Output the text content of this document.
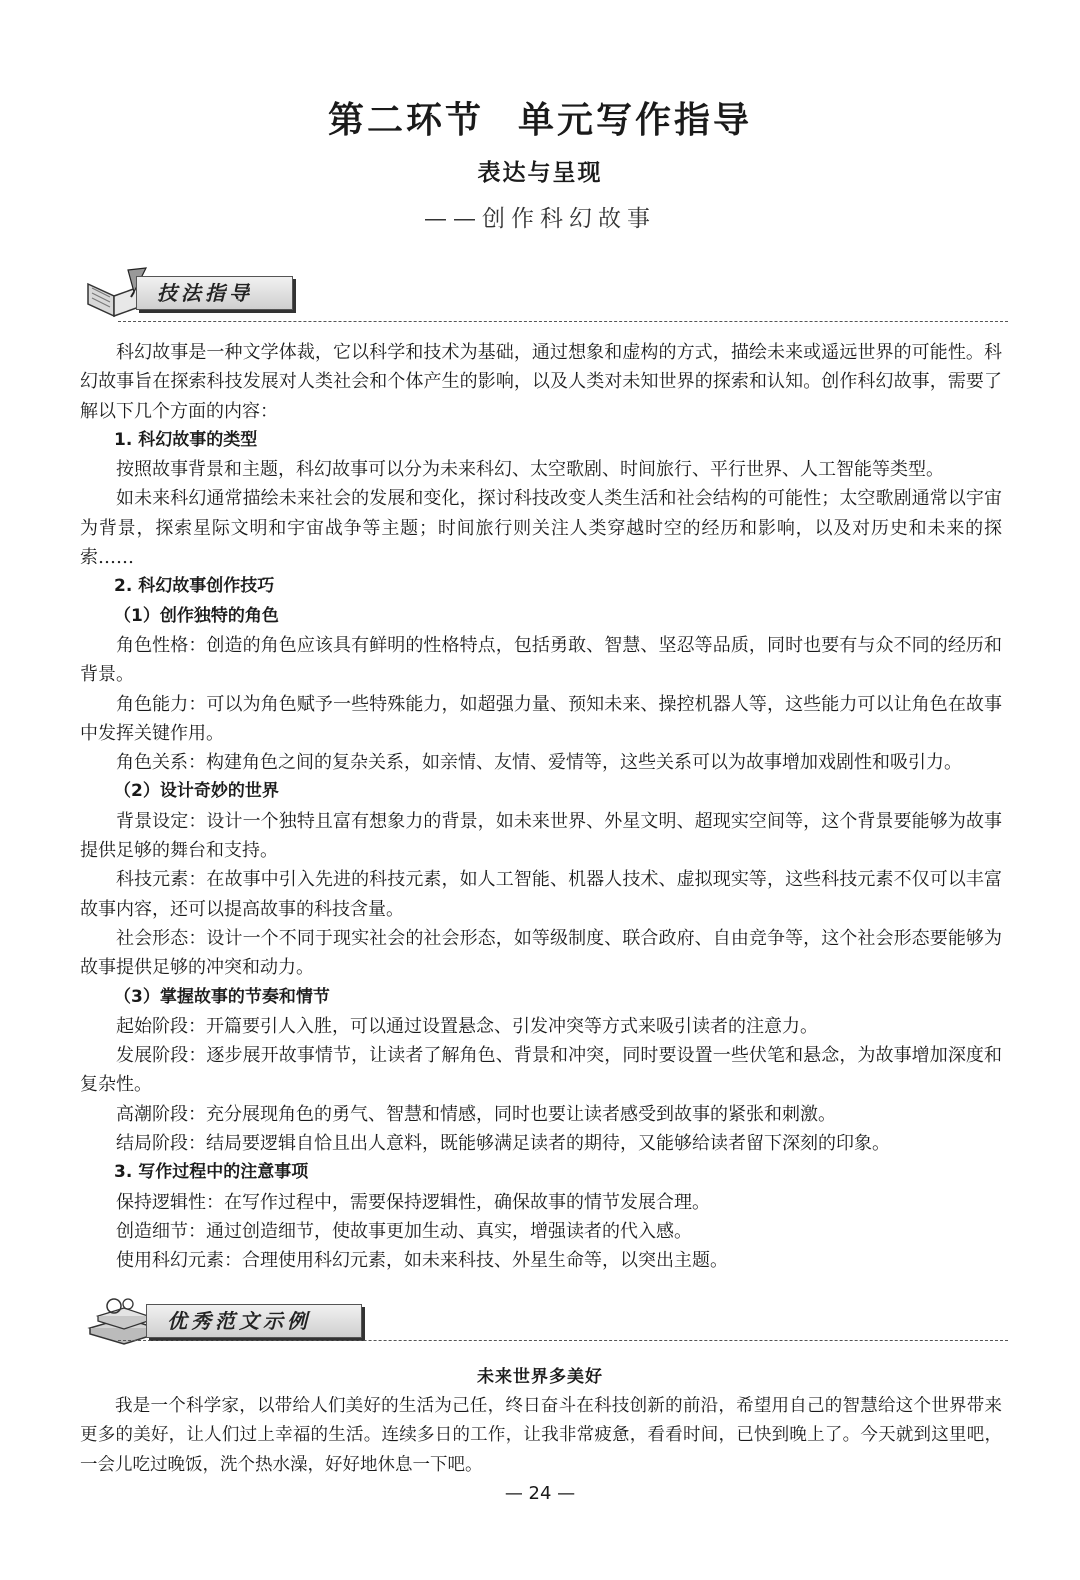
第二环节 单元写作指导
表达与呈现
——创作科幻故事
技法指导

科幻故事是一种文学体裁，它以科学和技术为基础，通过想象和虚构的方式，描绘未来或遥远世界的可能性。科幻故事旨在探索科技发展对人类社会和个体产生的影响，以及人类对未知世界的探索和认知。创作科幻故事，需要了解以下几个方面的内容：

1. 科幻故事的类型

按照故事背景和主题，科幻故事可以分为未来科幻、太空歌剧、时间旅行、平行世界、人工智能等类型。

如未来科幻通常描绘未来社会的发展和变化，探讨科技改变人类生活和社会结构的可能性；太空歌剧通常以宇宙为背景，探索星际文明和宇宙战争等主题；时间旅行则关注人类穿越时空的经历和影响，以及对历史和未来的探索……

2. 科幻故事创作技巧

（1）创作独特的角色

角色性格：创造的角色应该具有鲜明的性格特点，包括勇敢、智慧、坚忍等品质，同时也要有与众不同的经历和背景。

角色能力：可以为角色赋予一些特殊能力，如超强力量、预知未来、操控机器人等，这些能力可以让角色在故事中发挥关键作用。

角色关系：构建角色之间的复杂关系，如亲情、友情、爱情等，这些关系可以为故事增加戏剧性和吸引力。

（2）设计奇妙的世界

背景设定：设计一个独特且富有想象力的背景，如未来世界、外星文明、超现实空间等，这个背景要能够为故事提供足够的舞台和支持。

科技元素：在故事中引入先进的科技元素，如人工智能、机器人技术、虚拟现实等，这些科技元素不仅可以丰富故事内容，还可以提高故事的科技含量。

社会形态：设计一个不同于现实社会的社会形态，如等级制度、联合政府、自由竞争等，这个社会形态要能够为故事提供足够的冲突和动力。

（3）掌握故事的节奏和情节

起始阶段：开篇要引人入胜，可以通过设置悬念、引发冲突等方式来吸引读者的注意力。

发展阶段：逐步展开故事情节，让读者了解角色、背景和冲突，同时要设置一些伏笔和悬念，为故事增加深度和复杂性。

高潮阶段：充分展现角色的勇气、智慧和情感，同时也要让读者感受到故事的紧张和刺激。

结局阶段：结局要逻辑自恰且出人意料，既能够满足读者的期待，又能够给读者留下深刻的印象。

3. 写作过程中的注意事项

保持逻辑性：在写作过程中，需要保持逻辑性，确保故事的情节发展合理。

创造细节：通过创造细节，使故事更加生动、真实，增强读者的代入感。

使用科幻元素：合理使用科幻元素，如未来科技、外星生命等，以突出主题。

优秀范文示例
未来世界多美好

我是一个科学家，以带给人们美好的生活为己任，终日奋斗在科技创新的前沿，希望用自己的智慧给这个世界带来更多的美好，让人们过上幸福的生活。连续多日的工作，让我非常疲惫，看看时间，已快到晚上了。今天就到这里吧，一会儿吃过晚饭，洗个热水澡，好好地休息一下吧。

— 24 —
